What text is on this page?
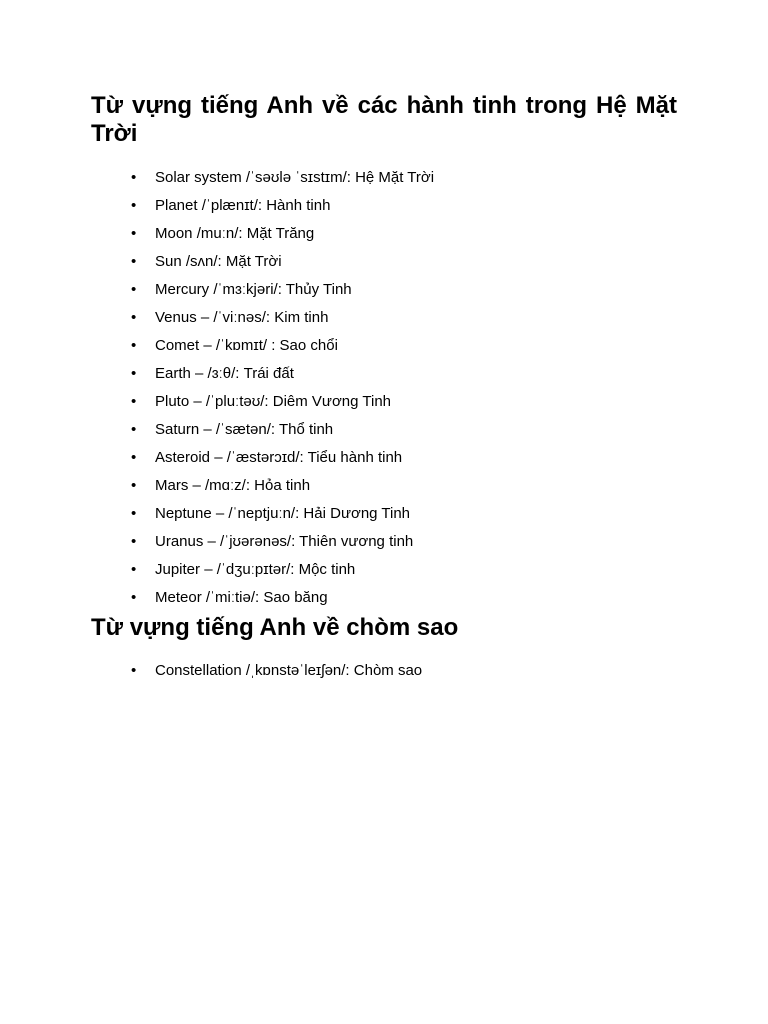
Từ vựng tiếng Anh về các hành tinh trong Hệ Mặt Trời
• Solar system /ˈsəʊlə ˈsɪstɪm/: Hệ Mặt Trời
• Planet /ˈplænɪt/: Hành tinh
• Moon /muːn/: Mặt Trăng
• Sun /sʌn/: Mặt Trời
• Mercury /ˈmɜːkjəri/: Thủy Tinh
• Venus – /ˈviːnəs/: Kim tinh
• Comet – /ˈkɒmɪt/ : Sao chổi
• Earth – /ɜːθ/: Trái đất
• Pluto – /ˈpluːtəʊ/: Diêm Vương Tinh
• Saturn – /ˈsætən/: Thổ tinh
• Asteroid – /ˈæstərɔɪd/: Tiểu hành tinh
• Mars – /mɑːz/: Hỏa tinh
• Neptune – /ˈneptjuːn/: Hải Dương Tinh
• Uranus – /ˈjʊərənəs/: Thiên vương tinh
• Jupiter – /ˈdʒuːpɪtər/: Mộc tinh
• Meteor /ˈmiːtiə/: Sao băng
Từ vựng tiếng Anh về chòm sao
• Constellation /ˌkɒnstəˈleɪʃən/: Chòm sao
